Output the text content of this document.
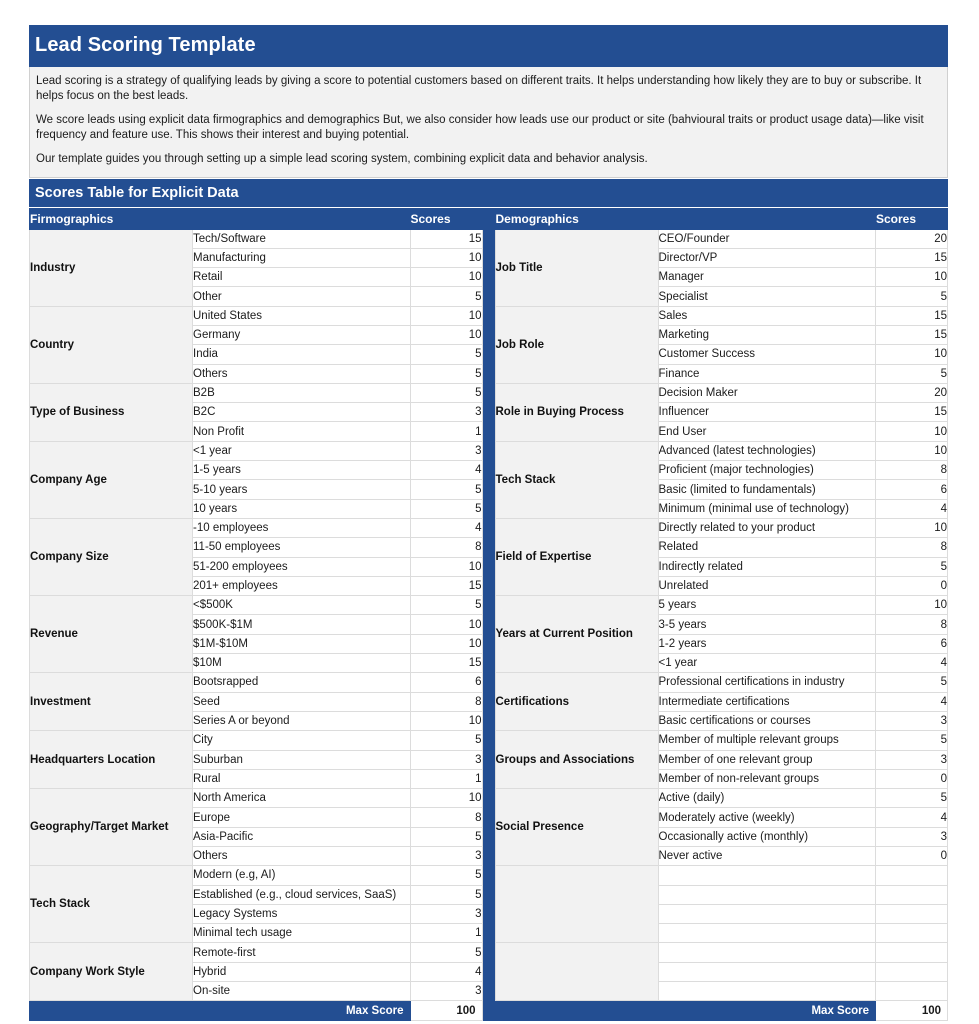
Lead Scoring Template

Lead scoring is a strategy of qualifying leads by giving a score to potential customers based on different traits. It helps understanding how likely they are to buy or subscribe. It helps focus on the best leads.

We score leads using explicit data firmographics and demographics But, we also consider how leads use our product or site (bahvioural traits or product usage data)—like visit frequency and feature use. This shows their interest and buying potential.

Our template guides you through setting up a simple lead scoring system, combining explicit data and behavior analysis.

Scores Table for Explicit Data
Firmographics		Scores
Industry	Tech/Software	15
	Manufacturing	10
	Retail	10
	Other	5
Country	United States	10
	Germany	10
	India	5
	Others	5
Type of Business	B2B	5
	B2C	3
	Non Profit	1
Company Age	<1 year	3
	1-5 years	4
	5-10 years	5
	10 years	5
Company Size	-10 employees	4
	11-50 employees	8
	51-200 employees	10
	201+ employees	15
Revenue	<$500K	5
	$500K-$1M	10
	$1M-$10M	10
	$10M	15
Investment	Bootsrapped	6
	Seed	8
	Series A or beyond	10
Headquarters Location	City	5
	Suburban	3
	Rural	1
Geography/Target Market	North America	10
	Europe	8
	Asia-Pacific	5
	Others	3
Tech Stack	Modern (e.g, AI)	5
	Established (e.g., cloud services, SaaS)	5
	Legacy Systems	3
	Minimal tech usage	1
Company Work Style	Remote-first	5
	Hybrid	4
	On-site	3
Max Score		100
Demographics		Scores
Job Title	CEO/Founder	20
	Director/VP	15
	Manager	10
	Specialist	5
Job Role	Sales	15
	Marketing	15
	Customer Success	10
	Finance	5
Role in Buying Process	Decision Maker	20
	Influencer	15
	End User	10
Tech Stack	Advanced (latest technologies)	10
	Proficient (major technologies)	8
	Basic (limited to fundamentals)	6
	Minimum (minimal use of technology)	4
Field of Expertise	Directly related to your product	10
	Related	8
	Indirectly related	5
	Unrelated	0
Years at Current Position	5 years	10
	3-5 years	8
	1-2 years	6
	<1 year	4
Certifications	Professional certifications in industry	5
	Intermediate certifications	4
	Basic certifications or courses	3
Groups and Associations	Member of multiple relevant groups	5
	Member of one relevant group	3
	Member of non-relevant groups	0
Social Presence	Active (daily)	5
	Moderately active (weekly)	4
	Occasionally active (monthly)	3
	Never active	0

Max Score		100
